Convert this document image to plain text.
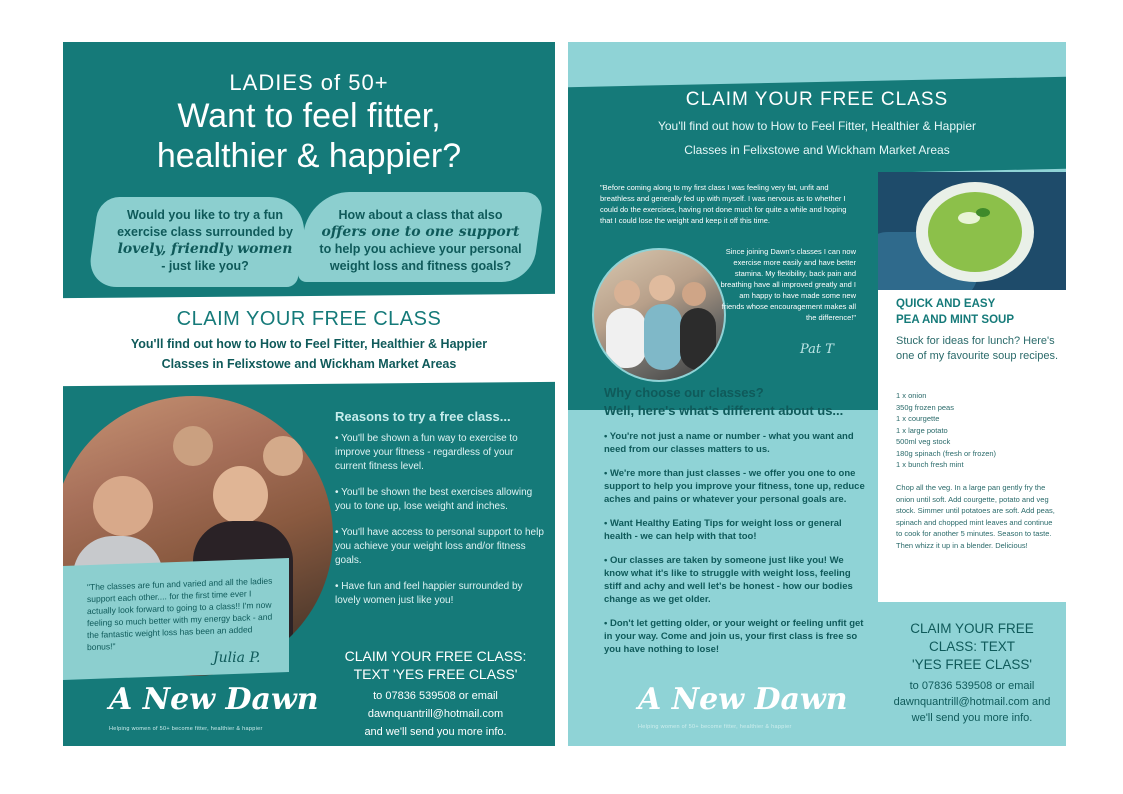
LADIES of 50+
Want to feel fitter,
healthier & happier?
Would you like to try a fun
exercise class surrounded by
lovely, friendly women
- just like you?
How about a class that also
offers one to one support
to help you achieve your personal
weight loss and fitness goals?
CLAIM YOUR FREE CLASS
You'll find out how to How to Feel Fitter, Healthier & Happier
Classes in Felixstowe and Wickham Market Areas
"The classes are fun and varied and all the ladies support each other.... for the first time ever I actually look forward to going to a class!! I'm now feeling so much better with my energy back - and the fantastic weight loss has been an added bonus!"
Julia P.
Reasons to try a free class...
• You'll be shown a fun way to exercise to improve your fitness - regardless of your current fitness level.
• You'll be shown the best exercises allowing you to tone up, lose weight and inches.
• You'll have access to personal support to help you achieve your weight loss and/or fitness goals.
• Have fun and feel happier surrounded by lovely women just like you!
CLAIM YOUR FREE CLASS:
TEXT 'YES FREE CLASS'
to 07836 539508 or email
dawnquantrill@hotmail.com
and we'll send you more info.
A New Dawn
Helping women of 50+ become fitter, healthier & happier
CLAIM YOUR FREE CLASS
You'll find out how to How to Feel Fitter, Healthier & Happier
Classes in Felixstowe and Wickham Market Areas
"Before coming along to my first class I was feeling very fat, unfit and breathless and generally fed up with myself. I was nervous as to whether I could do the exercises, having not done much for quite a while and hoping that I could lose the weight and keep it off this time.
Since joining Dawn's classes I can now exercise more easily and have better stamina. My flexibility, back pain and breathing have all improved greatly and I am happy to have made some new friends whose encouragement makes all the difference!"
Pat T
Why choose our classes?
Well, here's what's different about us...
• You're not just a name or number - what you want and need from our classes matters to us.
• We're more than just classes - we offer you one to one support to help you improve your fitness, tone up, reduce aches and pains or whatever your personal goals are.
• Want Healthy Eating Tips for weight loss or general health - we can help with that too!
• Our classes are taken by someone just like you! We know what it's like to struggle with weight loss, feeling stiff and achy and well let's be honest - how our bodies change as we get older.
• Don't let getting older, or your weight or feeling unfit get in your way. Come and join us, your first class is free so you have nothing to lose!
QUICK AND EASY
PEA AND MINT SOUP
Stuck for ideas for lunch? Here's one of my favourite soup recipes.
1 x onion
350g frozen peas
1 x courgette
1 x large potato
500ml veg stock
180g spinach (fresh or frozen)
1 x bunch fresh mint
Chop all the veg. In a large pan gently fry the onion until soft. Add courgette, potato and veg stock. Simmer until potatoes are soft. Add peas, spinach and chopped mint leaves and continue to cook for another 5 minutes. Season to taste. Then whizz it up in a blender. Delicious!
CLAIM YOUR FREE
CLASS: TEXT
'YES FREE CLASS'
to 07836 539508 or email
dawnquantrill@hotmail.com and
we'll send you more info.
A New Dawn
Helping women of 50+ become fitter, healthier & happier
